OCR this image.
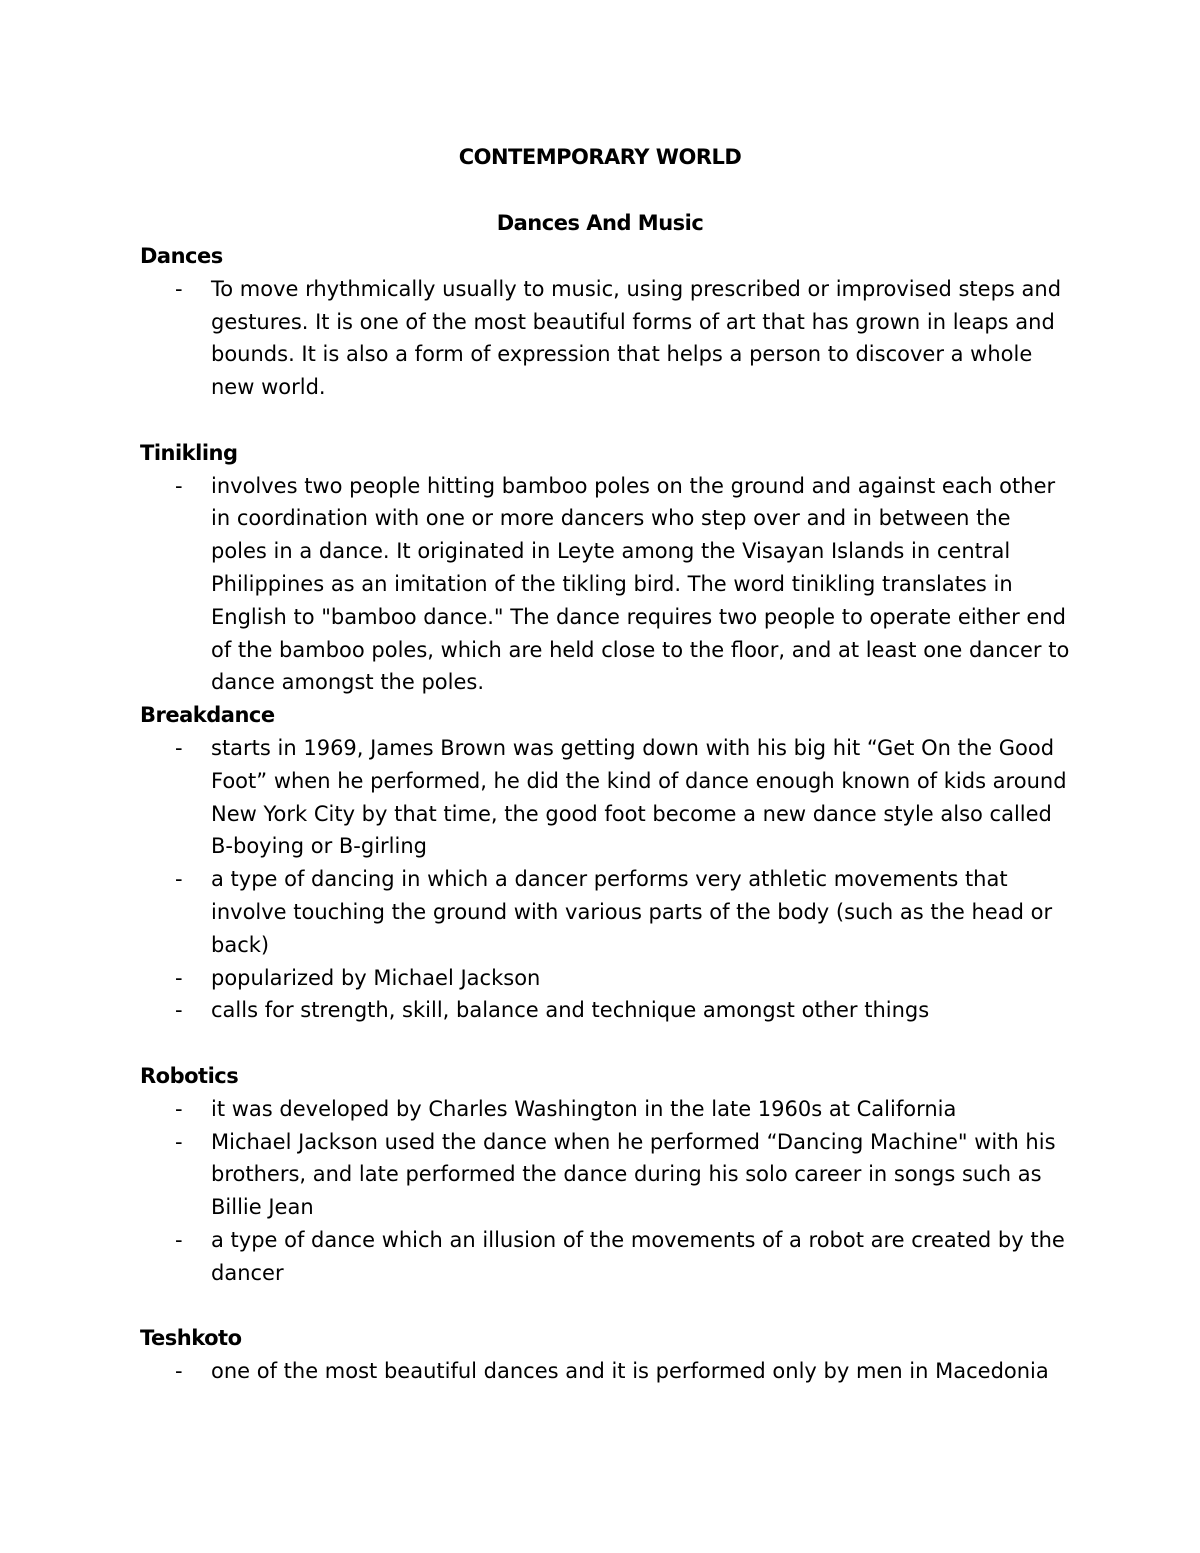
CONTEMPORARY WORLD
Dances And Music

Dances

- To move rhythmically usually to music, using prescribed or improvised steps and gestures. It is one of the most beautiful forms of art that has grown in leaps and bounds. It is also a form of expression that helps a person to discover a whole new world.

Tinikling

- involves two people hitting bamboo poles on the ground and against each other in coordination with one or more dancers who step over and in between the poles in a dance. It originated in Leyte among the Visayan Islands in central Philippines as an imitation of the tikling bird. The word tinikling translates in English to "bamboo dance." The dance requires two people to operate either end of the bamboo poles, which are held close to the floor, and at least one dancer to dance amongst the poles.

Breakdance

- starts in 1969, James Brown was getting down with his big hit “Get On the Good Foot” when he performed, he did the kind of dance enough known of kids around New York City by that time, the good foot become a new dance style also called B-boying or B-girling
- a type of dancing in which a dancer performs very athletic movements that involve touching the ground with various parts of the body (such as the head or back)
- popularized by Michael Jackson
- calls for strength, skill, balance and technique amongst other things

Robotics

- it was developed by Charles Washington in the late 1960s at California
- Michael Jackson used the dance when he performed “Dancing Machine" with his brothers, and late performed the dance during his solo career in songs such as Billie Jean
- a type of dance which an illusion of the movements of a robot are created by the dancer

Teshkoto

- one of the most beautiful dances and it is performed only by men in Macedonia
